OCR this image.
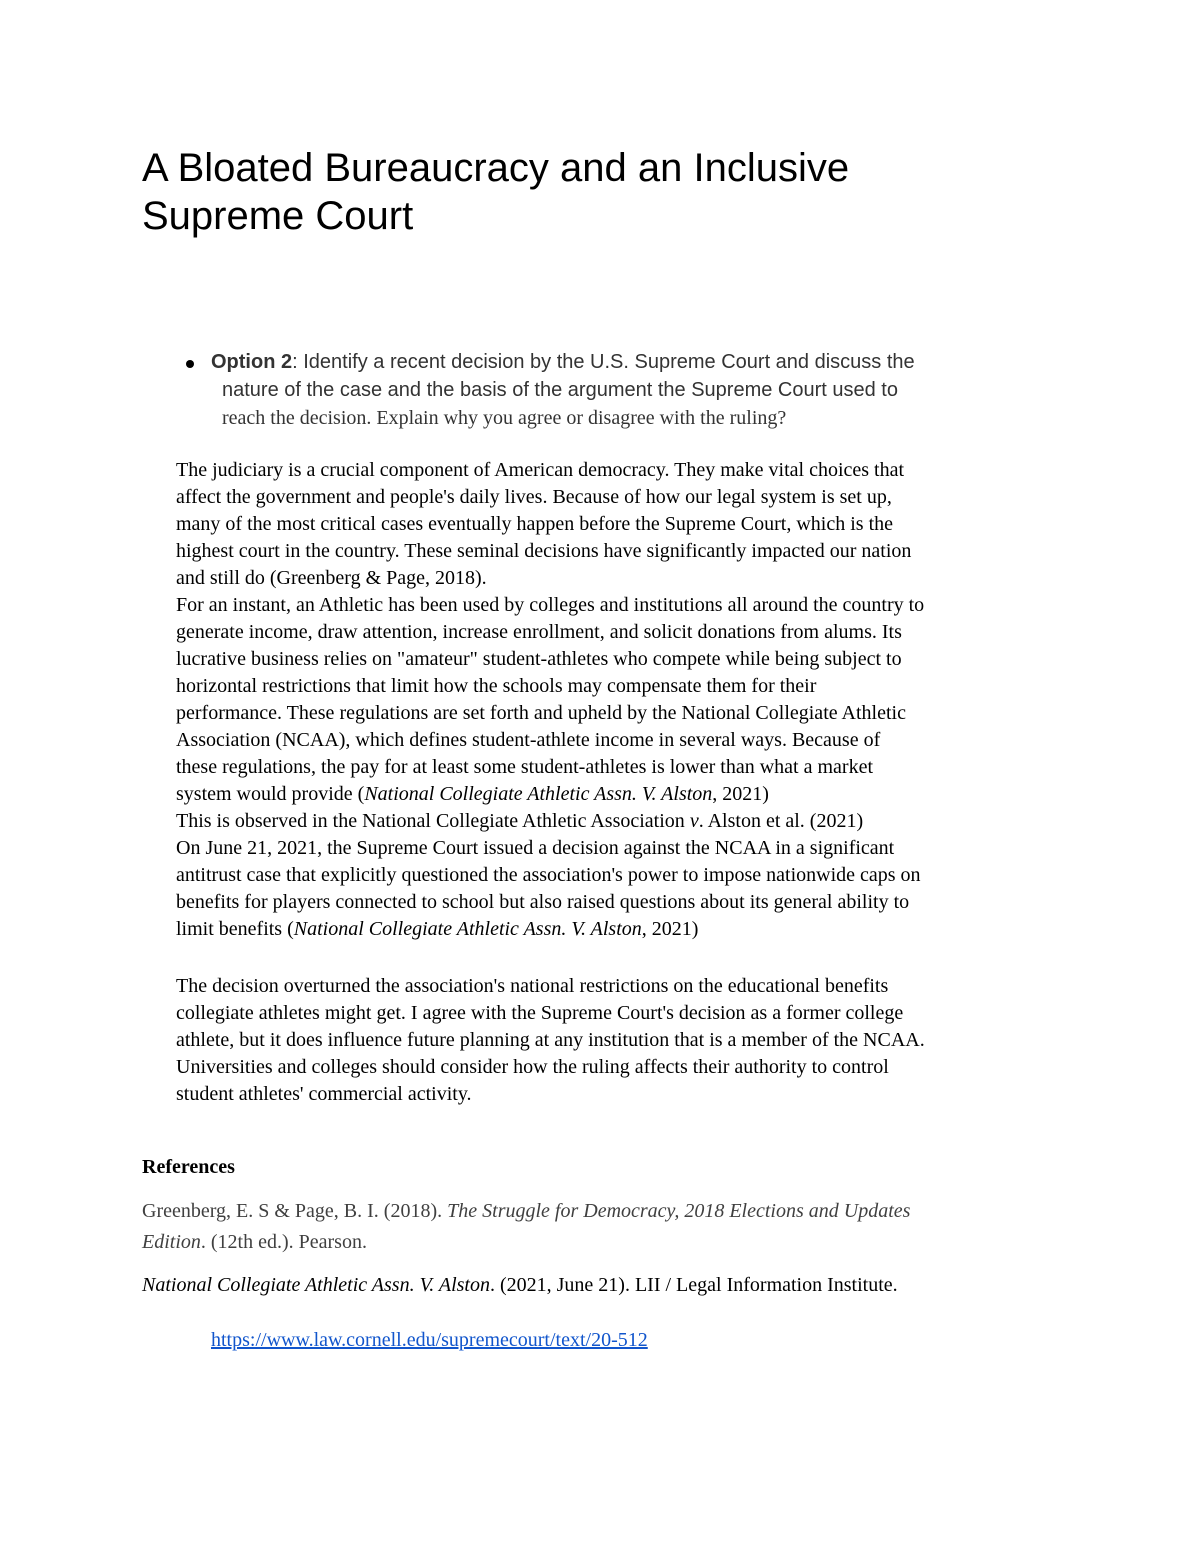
A Bloated Bureaucracy and an Inclusive
Supreme Court
Option 2: Identify a recent decision by the U.S. Supreme Court and discuss the
nature of the case and the basis of the argument the Supreme Court used to
reach the decision. Explain why you agree or disagree with the ruling?

The judiciary is a crucial component of American democracy. They make vital choices that

affect the government and people's daily lives. Because of how our legal system is set up,

many of the most critical cases eventually happen before the Supreme Court, which is the

highest court in the country. These seminal decisions have significantly impacted our nation

and still do (Greenberg & Page, 2018).

For an instant, an Athletic has been used by colleges and institutions all around the country to

generate income, draw attention, increase enrollment, and solicit donations from alums. Its

lucrative business relies on "amateur" student-athletes who compete while being subject to

horizontal restrictions that limit how the schools may compensate them for their

performance. These regulations are set forth and upheld by the National Collegiate Athletic

Association (NCAA), which defines student-athlete income in several ways. Because of

these regulations, the pay for at least some student-athletes is lower than what a market

system would provide (National Collegiate Athletic Assn. V. Alston, 2021)

This is observed in the National Collegiate Athletic Association v. Alston et al. (2021)

On June 21, 2021, the Supreme Court issued a decision against the NCAA in a significant

antitrust case that explicitly questioned the association's power to impose nationwide caps on

benefits for players connected to school but also raised questions about its general ability to

limit benefits (National Collegiate Athletic Assn. V. Alston, 2021)

The decision overturned the association's national restrictions on the educational benefits

collegiate athletes might get. I agree with the Supreme Court's decision as a former college

athlete, but it does influence future planning at any institution that is a member of the NCAA.

Universities and colleges should consider how the ruling affects their authority to control

student athletes' commercial activity.

References

Greenberg, E. S & Page, B. I. (2018). The Struggle for Democracy, 2018 Elections and Updates

Edition. (12th ed.). Pearson.

National Collegiate Athletic Assn. V. Alston. (2021, June 21). LII / Legal Information Institute.

https://www.law.cornell.edu/supremecourt/text/20-512
